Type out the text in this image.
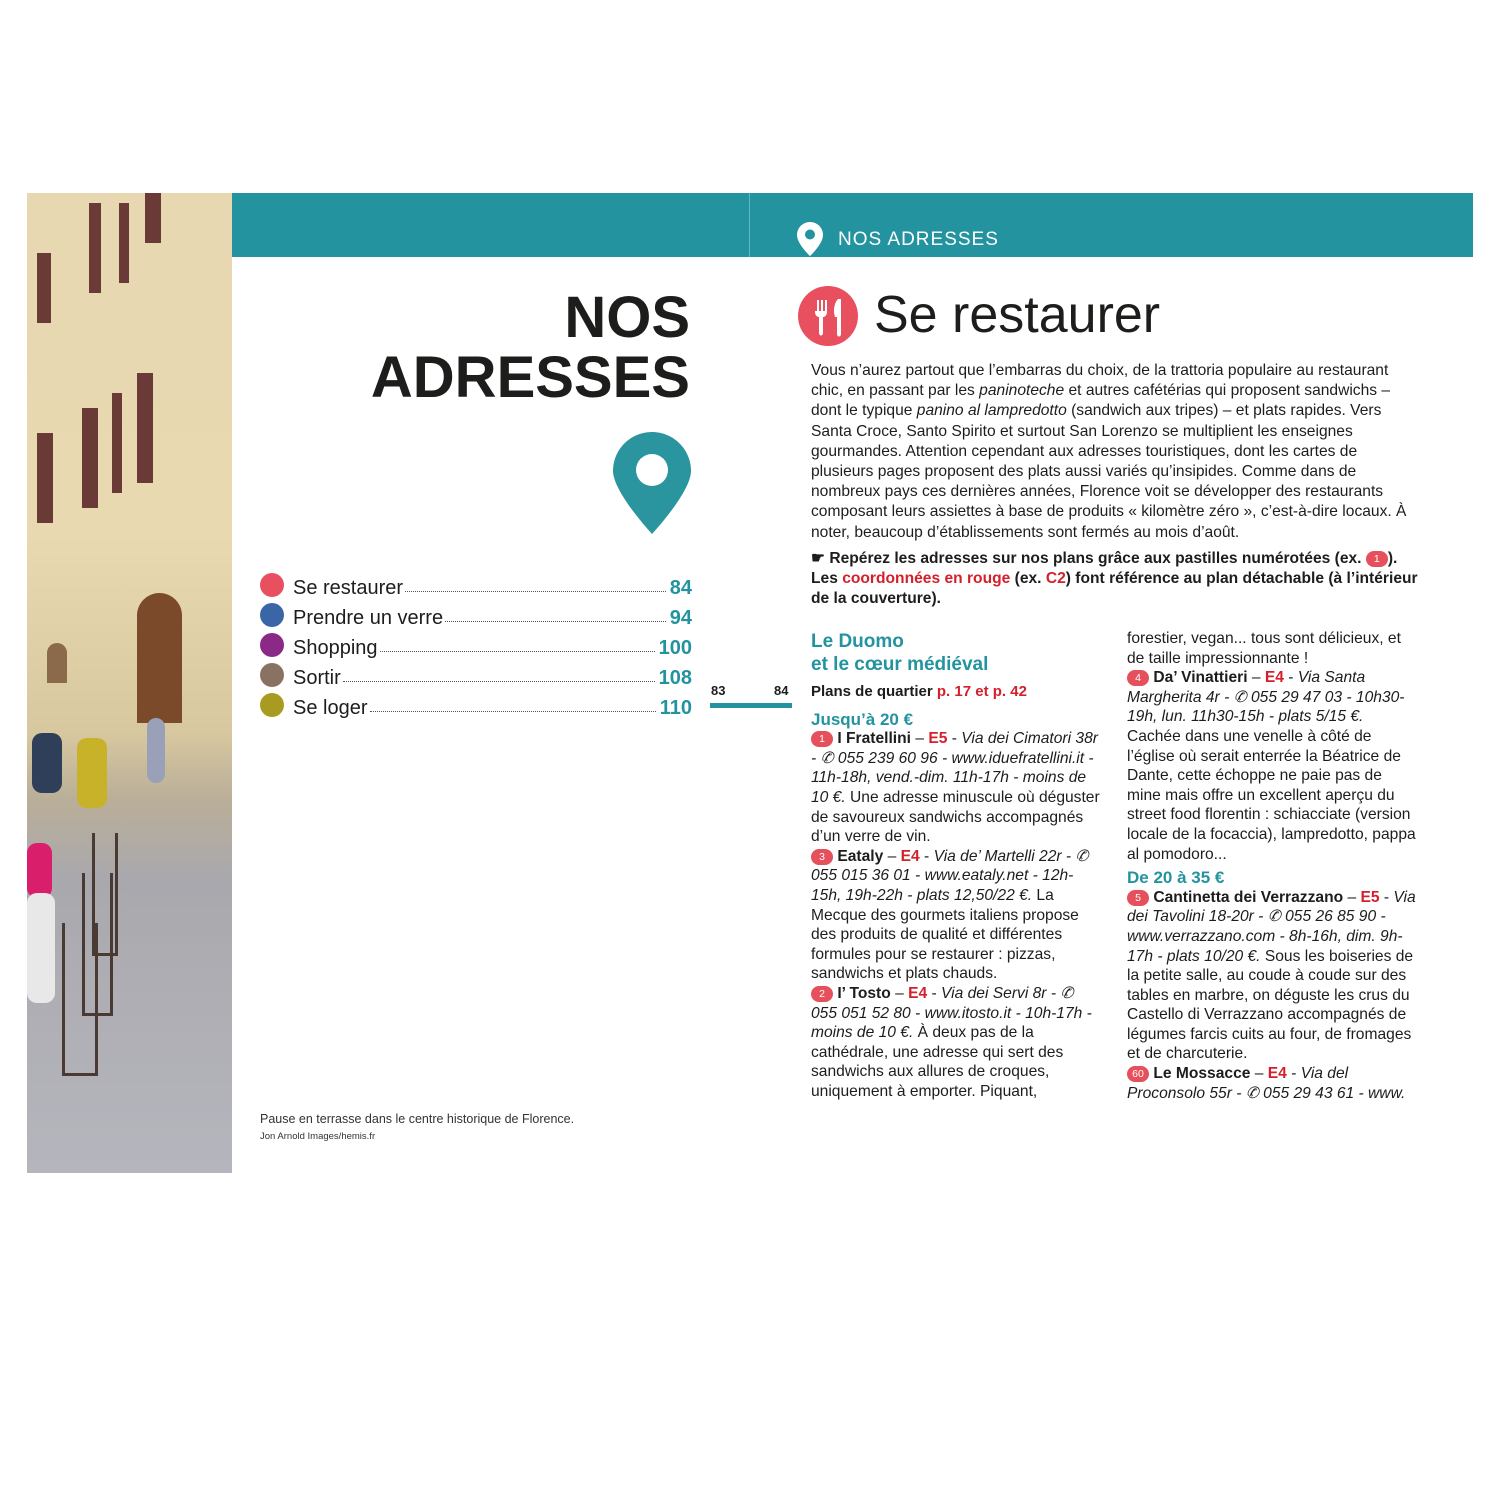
NOS ADRESSES
NOS
ADRESSES
Se restaurer	84
Prendre un verre	94
Shopping	100
Sortir	108
Se loger	110
83	84
Pause en terrasse dans le centre historique de Florence.
Jon Arnold Images/hemis.fr
Se restaurer
Vous n’aurez partout que l’embarras du choix, de la trattoria populaire au restaurant chic, en passant par les paninoteche et autres cafétérias qui proposent sandwichs – dont le typique panino al lampredotto (sandwich aux tripes) – et plats rapides. Vers Santa Croce, Santo Spirito et surtout San Lorenzo se multiplient les enseignes gourmandes. Attention cependant aux adresses touristiques, dont les cartes de plusieurs pages proposent des plats aussi variés qu’insipides. Comme dans de nombreux pays ces dernières années, Florence voit se développer des restaurants composant leurs assiettes à base de produits « kilomètre zéro », c’est-à-dire locaux. À noter, beaucoup d’établissements sont fermés au mois d’août.
☛ Repérez les adresses sur nos plans grâce aux pastilles numérotées (ex. 1 ). Les coordonnées en rouge (ex. C2) font référence au plan détachable (à l’intérieur de la couverture).
Le Duomo
et le cœur médiéval
Plans de quartier p. 17 et p. 42
Jusqu’à 20 €
1 I Fratellini – E5 - Via dei Cimatori 38r - ✆ 055 239 60 96 - www.iduefratellini.it - 11h-18h, vend.-dim. 11h-17h - moins de 10 €. Une adresse minuscule où déguster de savoureux sandwichs accompagnés d’un verre de vin.
3 Eataly – E4 - Via de’ Martelli 22r - ✆ 055 015 36 01 - www.eataly.net - 12h-15h, 19h-22h - plats 12,50/22 €. La Mecque des gourmets italiens propose des produits de qualité et différentes formules pour se restaurer : pizzas, sandwichs et plats chauds.
2 I’ Tosto – E4 - Via dei Servi 8r - ✆ 055 051 52 80 - www.itosto.it - 10h-17h - moins de 10 €. À deux pas de la cathédrale, une adresse qui sert des sandwichs aux allures de croques, uniquement à emporter. Piquant,
forestier, vegan... tous sont délicieux, et de taille impressionnante !
4 Da’ Vinattieri – E4 - Via Santa Margherita 4r - ✆ 055 29 47 03 - 10h30-19h, lun. 11h30-15h - plats 5/15 €. Cachée dans une venelle à côté de l’église où serait enterrée la Béatrice de Dante, cette échoppe ne paie pas de mine mais offre un excellent aperçu du street food florentin : schiacciate (version locale de la focaccia), lampredotto, pappa al pomodoro...
De 20 à 35 €
5 Cantinetta dei Verrazzano – E5 - Via dei Tavolini 18-20r - ✆ 055 26 85 90 - www.verrazzano.com - 8h-16h, dim. 9h-17h - plats 10/20 €. Sous les boiseries de la petite salle, au coude à coude sur des tables en marbre, on déguste les crus du Castello di Verrazzano accompagnés de légumes farcis cuits au four, de fromages et de charcuterie.
60 Le Mossacce – E4 - Via del Proconsolo 55r - ✆ 055 29 43 61 - www.
